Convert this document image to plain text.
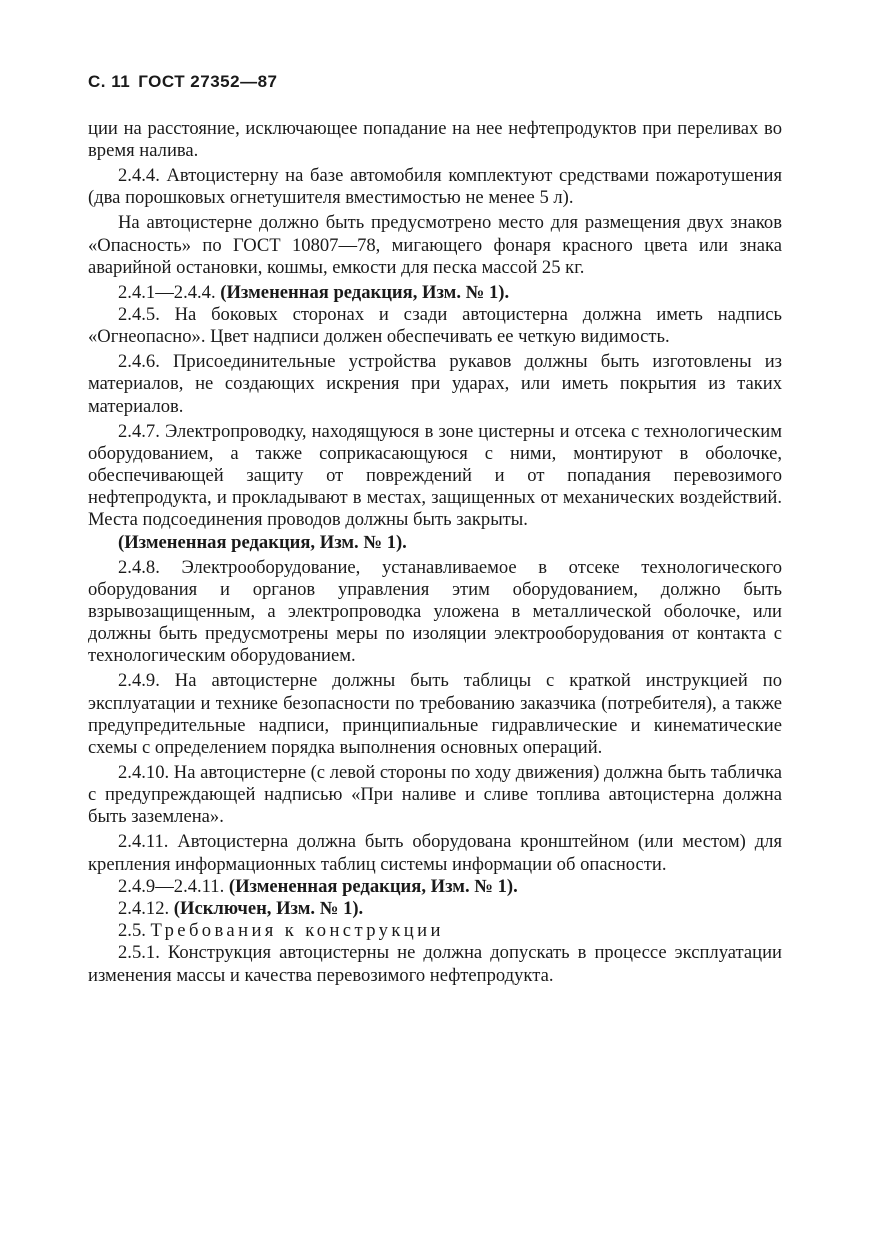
С. 11 ГОСТ 27352—87

ции на расстояние, исключающее попадание на нее нефтепродуктов при переливах во время налива.

2.4.4. Автоцистерну на базе автомобиля комплектуют средствами пожаротушения (два порошковых огнетушителя вместимостью не менее 5 л).

На автоцистерне должно быть предусмотрено место для размещения двух знаков «Опасность» по ГОСТ 10807—78, мигающего фонаря красного цвета или знака аварийной остановки, кошмы, емкости для песка массой 25 кг.

2.4.1—2.4.4. (Измененная редакция, Изм. № 1).

2.4.5. На боковых сторонах и сзади автоцистерна должна иметь надпись «Огнеопасно». Цвет надписи должен обеспечивать ее четкую видимость.

2.4.6. Присоединительные устройства рукавов должны быть изготовлены из материалов, не создающих искрения при ударах, или иметь покрытия из таких материалов.

2.4.7. Электропроводку, находящуюся в зоне цистерны и отсека с технологическим оборудованием, а также соприкасающуюся с ними, монтируют в оболочке, обеспечивающей защиту от повреждений и от попадания перевозимого нефтепродукта, и прокладывают в местах, защищенных от механических воздействий. Места подсоединения проводов должны быть закрыты.

(Измененная редакция, Изм. № 1).

2.4.8. Электрооборудование, устанавливаемое в отсеке технологического оборудования и органов управления этим оборудованием, должно быть взрывозащищенным, а электропроводка уложена в металлической оболочке, или должны быть предусмотрены меры по изоляции электрооборудования от контакта с технологическим оборудованием.

2.4.9. На автоцистерне должны быть таблицы с краткой инструкцией по эксплуатации и технике безопасности по требованию заказчика (потребителя), а также предупредительные надписи, принципиальные гидравлические и кинематические схемы с определением порядка выполнения основных операций.

2.4.10. На автоцистерне (с левой стороны по ходу движения) должна быть табличка с предупреждающей надписью «При наливе и сливе топлива автоцистерна должна быть заземлена».

2.4.11. Автоцистерна должна быть оборудована кронштейном (или местом) для крепления информационных таблиц системы информации об опасности.

2.4.9—2.4.11. (Измененная редакция, Изм. № 1).

2.4.12. (Исключен, Изм. № 1).

2.5. Требования к конструкции

2.5.1. Конструкция автоцистерны не должна допускать в процессе эксплуатации изменения массы и качества перевозимого нефтепродукта.
